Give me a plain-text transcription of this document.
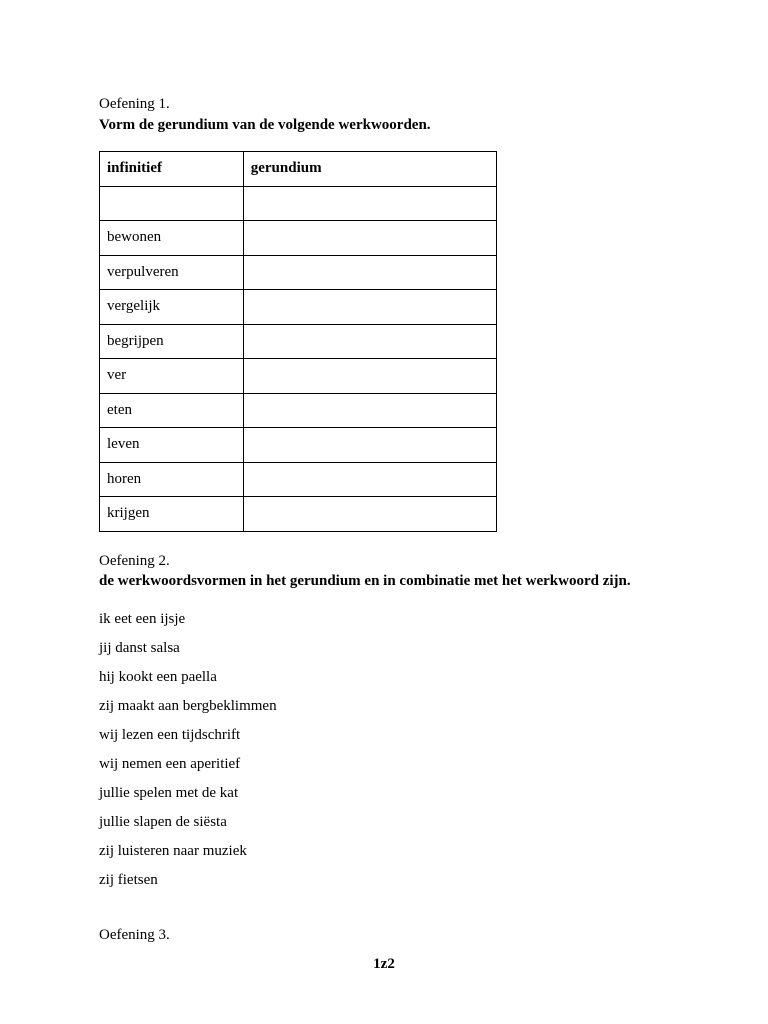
Oefening 1.

Vorm de gerundium van de volgende werkwoorden.

infinitief	gerundium

bewonen	
verpulveren	
vergelijk	
begrijpen	
ver	
eten	
leven	
horen	
krijgen	
Oefening 2.

de werkwoordsvormen in het gerundium en in combinatie met het werkwoord zijn.

ik eet een ijsje
jij danst salsa
hij kookt een paella
zij maakt aan bergbeklimmen
wij lezen een tijdschrift
wij nemen een aperitief
jullie spelen met de kat
jullie slapen de siësta
zij luisteren naar muziek
zij fietsen
Oefening 3.
1z2
